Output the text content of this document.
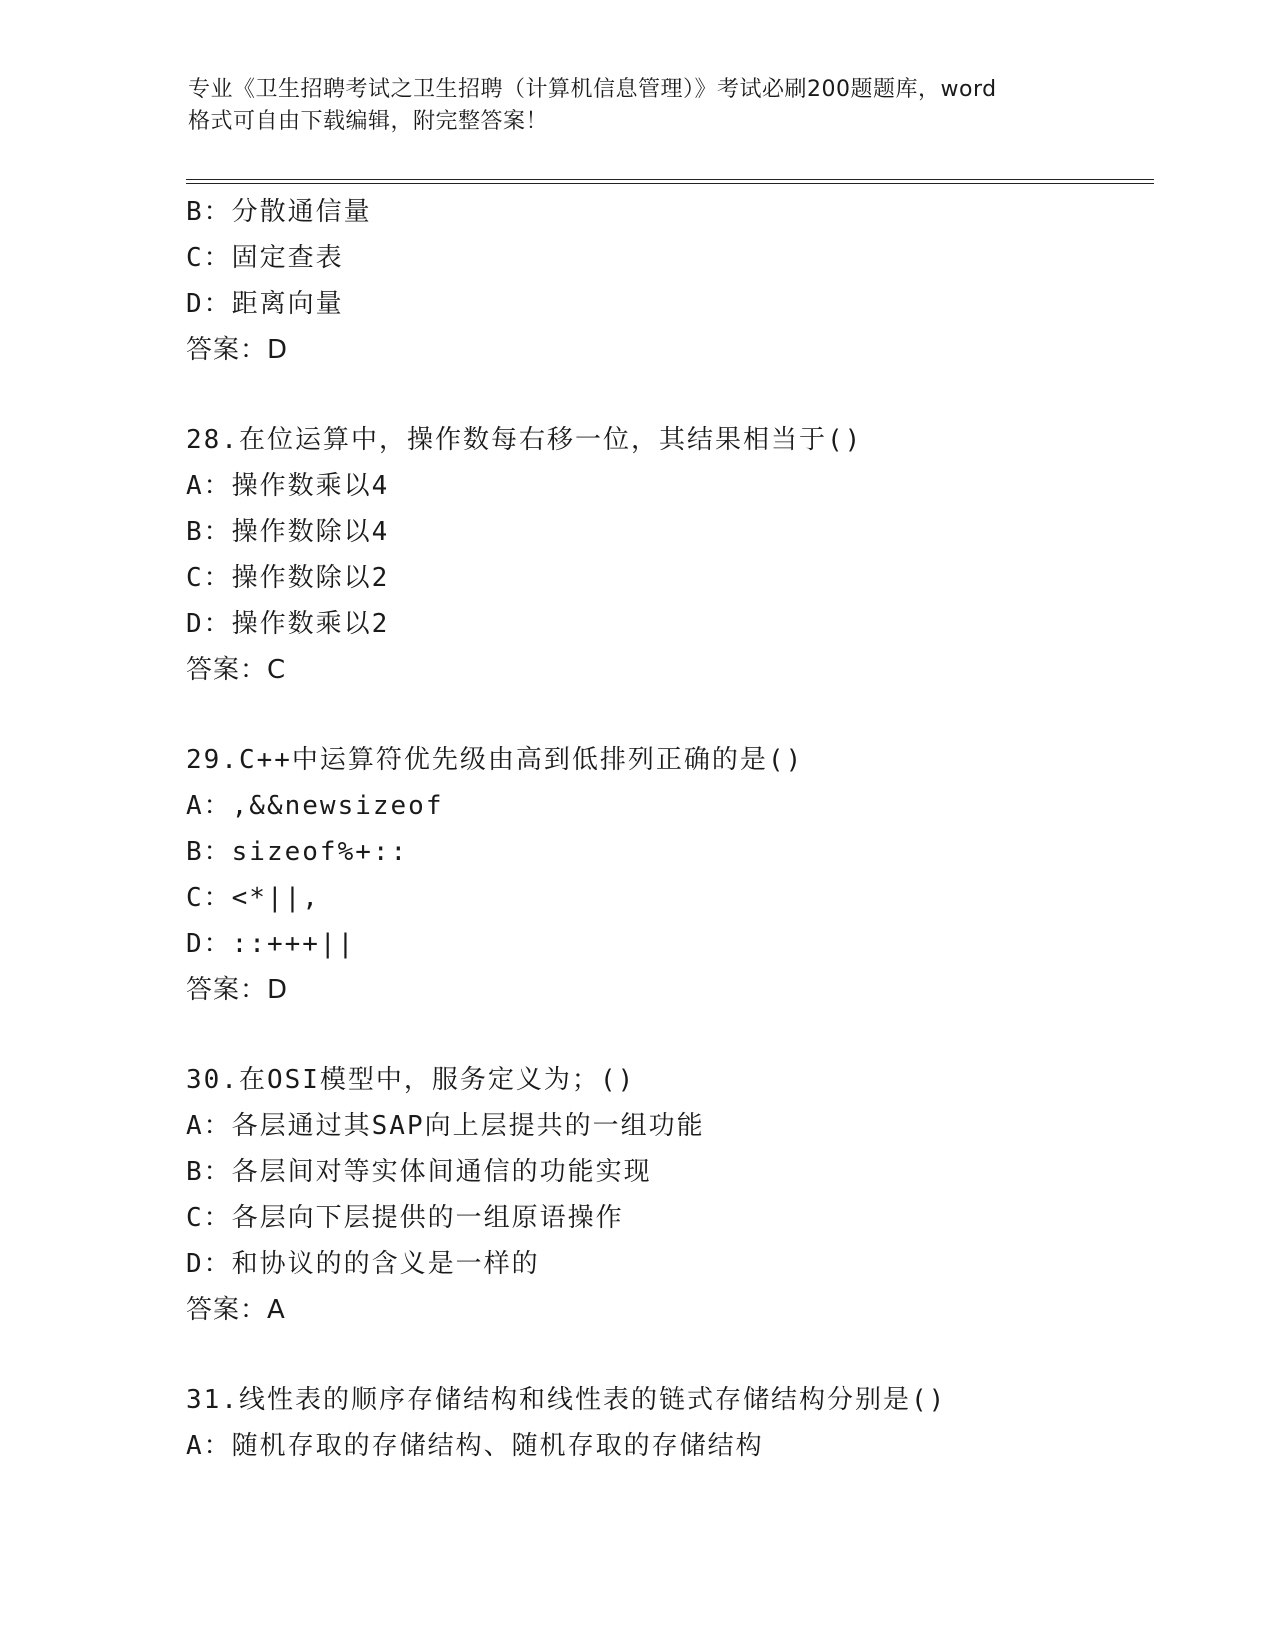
专业《卫生招聘考试之卫生招聘（计算机信息管理）》考试必刷200题题库，word
格式可自由下载编辑，附完整答案！
B：分散通信量
C：固定查表
D：距离向量
答案：D
28.在位运算中，操作数每右移一位，其结果相当于()
A：操作数乘以4
B：操作数除以4
C：操作数除以2
D：操作数乘以2
答案：C
29.C++中运算符优先级由高到低排列正确的是()
A：,&&newsizeof
B：sizeof%+::
C：<*||,
D：::+++||
答案：D
30.在OSI模型中，服务定义为；()
A：各层通过其SAP向上层提共的一组功能
B：各层间对等实体间通信的功能实现
C：各层向下层提供的一组原语操作
D：和协议的的含义是一样的
答案：A
31.线性表的顺序存储结构和线性表的链式存储结构分别是()
A：随机存取的存储结构、随机存取的存储结构
